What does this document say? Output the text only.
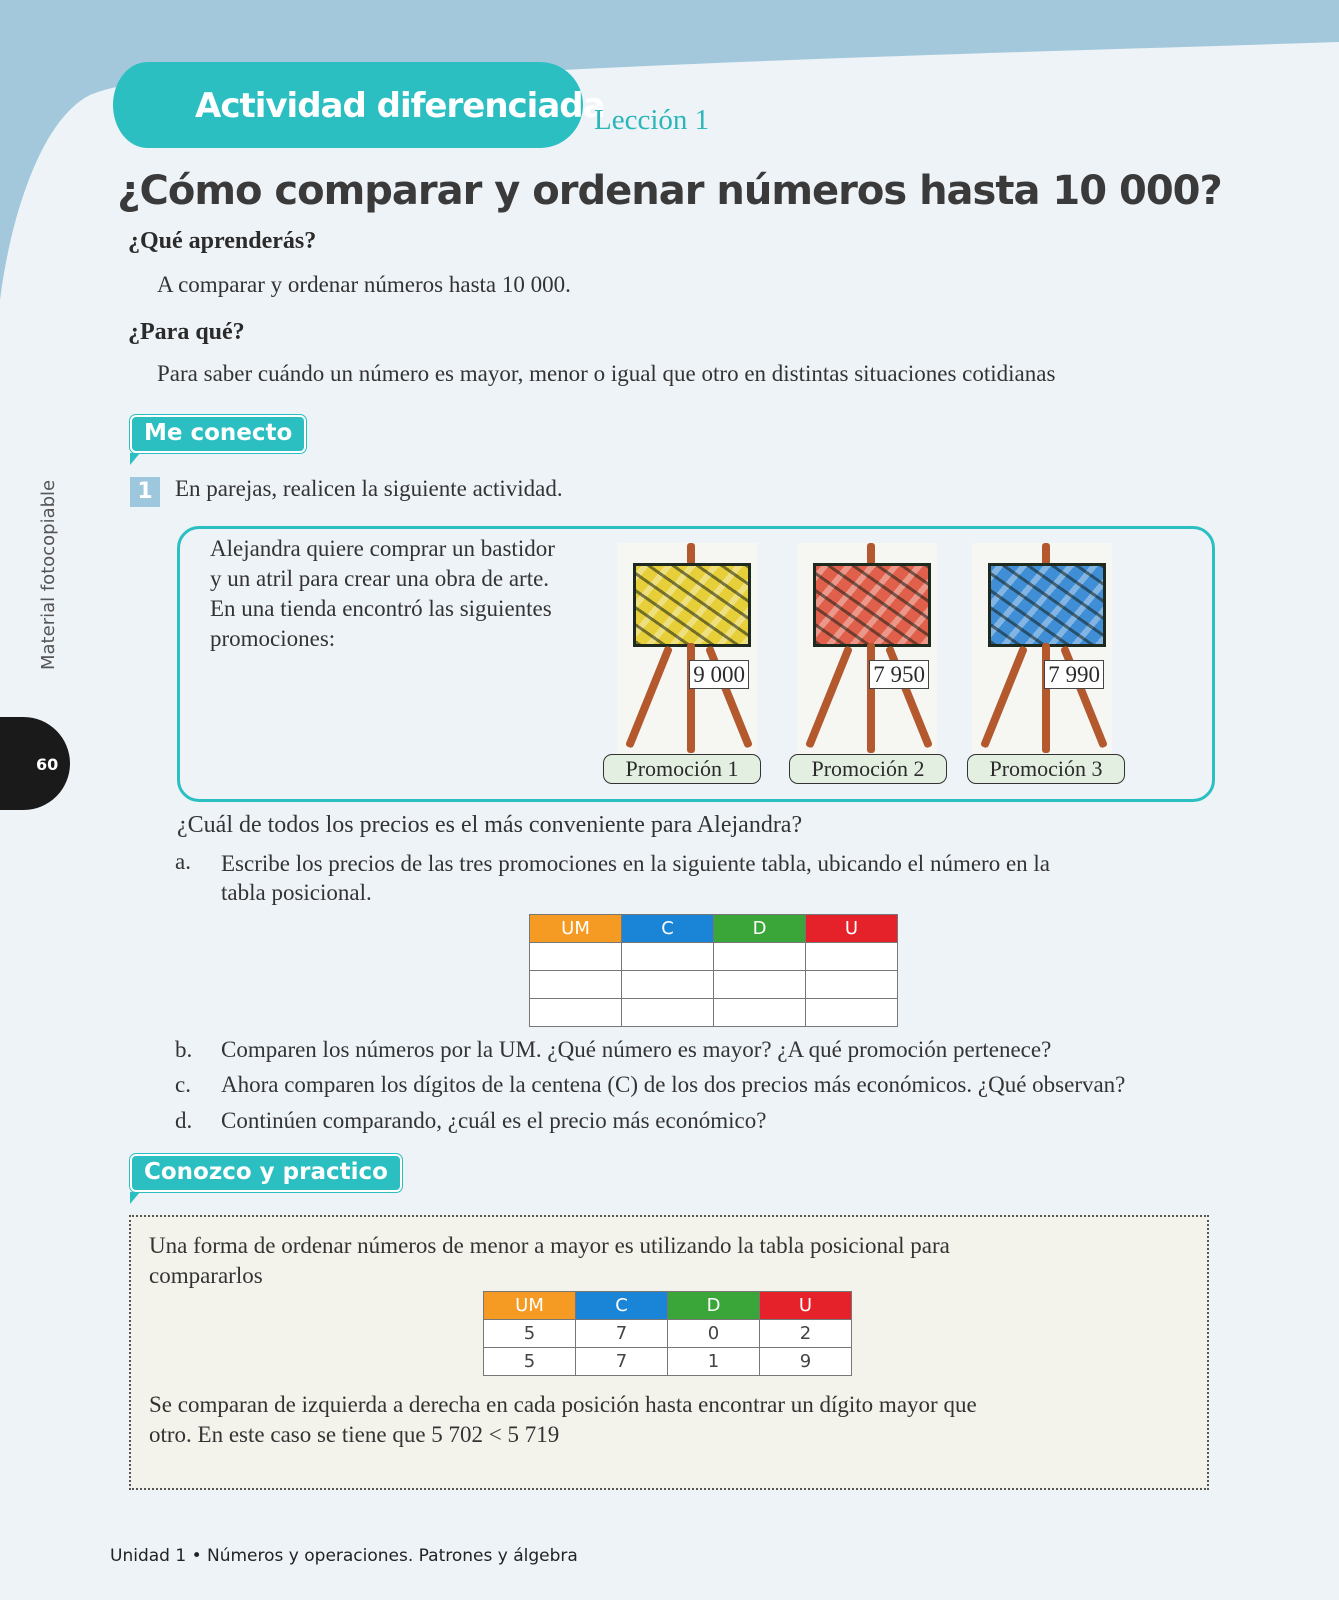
Actividad diferenciada
Lección 1
¿Cómo comparar y ordenar números hasta 10 000?
¿Qué aprenderás?
A comparar y ordenar números hasta 10 000.
¿Para qué?
Para saber cuándo un número es mayor, menor o igual que otro en distintas situaciones cotidianas
Me conecto
1 En parejas, realicen la siguiente actividad.
Alejandra quiere comprar un bastidor
y un atril para crear una obra de arte.
En una tienda encontró las siguientes
promociones:
9 000
Promoción 1
7 950
Promoción 2
7 990
Promoción 3
¿Cuál de todos los precios es el más conveniente para Alejandra?
a. Escribe los precios de las tres promociones en la siguiente tabla, ubicando el número en la
tabla posicional.
UM	C	D	U

b. Comparen los números por la UM. ¿Qué número es mayor? ¿A qué promoción pertenece?
c. Ahora comparen los dígitos de la centena (C) de los dos precios más económicos. ¿Qué observan?
d. Continúen comparando, ¿cuál es el precio más económico?
Conozco y practico
Una forma de ordenar números de menor a mayor es utilizando la tabla posicional para
compararlos
UM	C	D	U
5	7	0	2
5	7	1	9
Se comparan de izquierda a derecha en cada posición hasta encontrar un dígito mayor que
otro. En este caso se tiene que 5 702 < 5 719
Material fotocopiable
60
Unidad 1 • Números y operaciones. Patrones y álgebra
